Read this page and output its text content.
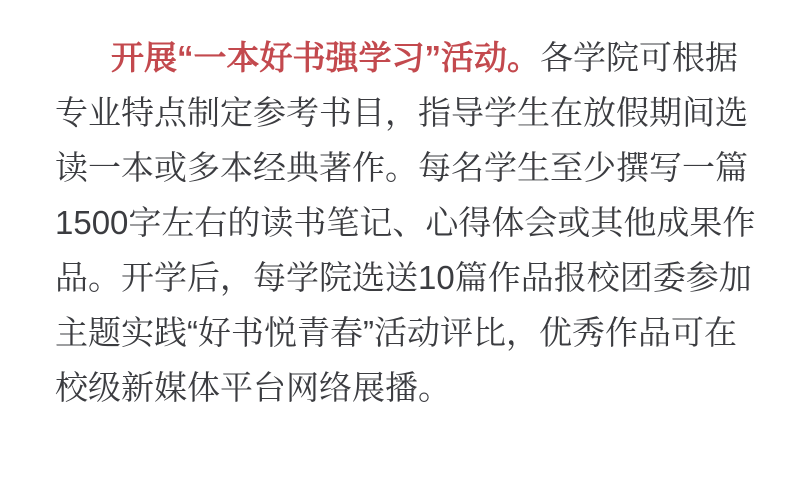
开展“一本好书强学习”活动。各学院可根据
专业特点制定参考书目，指导学生在放假期间选
读一本或多本经典著作。每名学生至少撰写一篇
1500字左右的读书笔记、心得体会或其他成果作
品。开学后，每学院选送10篇作品报校团委参加
主题实践“好书悦青春”活动评比，优秀作品可在
校级新媒体平台网络展播。
